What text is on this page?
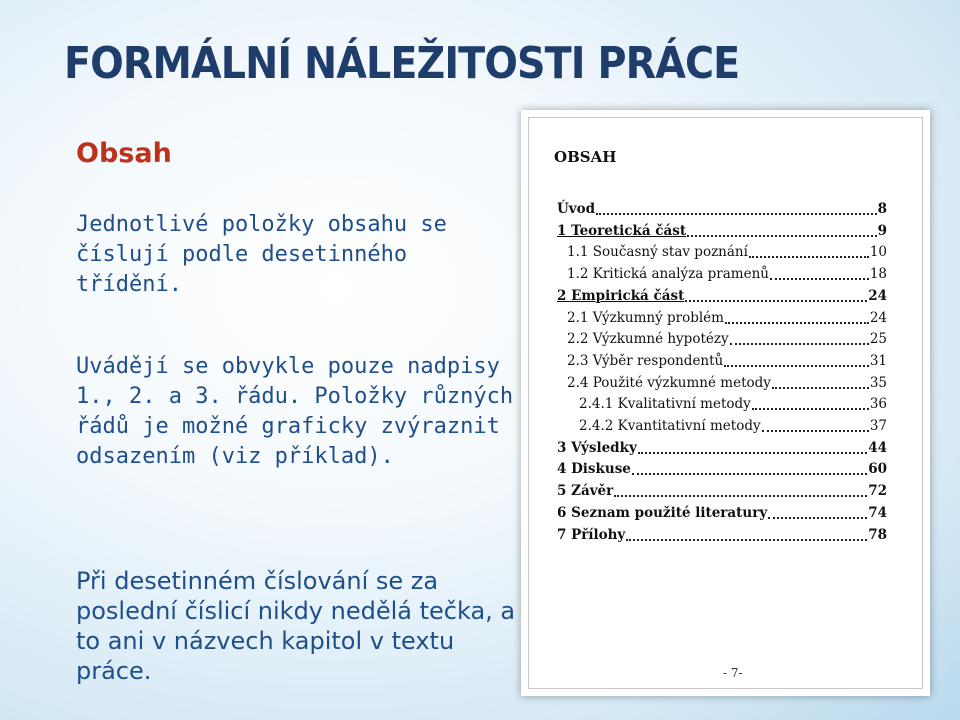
FORMÁLNÍ NÁLEŽITOSTI PRÁCE
Obsah
Jednotlivé položky obsahu se číslují podle desetinného třídění.
Uvádějí se obvykle pouze nadpisy 1., 2. a 3. řádu. Položky různých řádů je možné graficky zvýraznit odsazením (viz příklad).
Při desetinném číslování se za poslední číslicí nikdy nedělá tečka, a to ani v názvech kapitol v textu práce.
OBSAH
Úvod	8
1 Teoretická část	9
1.1 Současný stav poznání	10
1.2 Kritická analýza pramenů	18
2 Empirická část	24
2.1 Výzkumný problém	24
2.2 Výzkumné hypotézy	25
2.3 Výběr respondentů	31
2.4 Použité výzkumné metody	35
2.4.1 Kvalitativní metody	36
2.4.2 Kvantitativní metody	37
3 Výsledky	44
4 Diskuse	60
5 Závěr	72
6 Seznam použité literatury	74
7 Přílohy	78
- 7-
